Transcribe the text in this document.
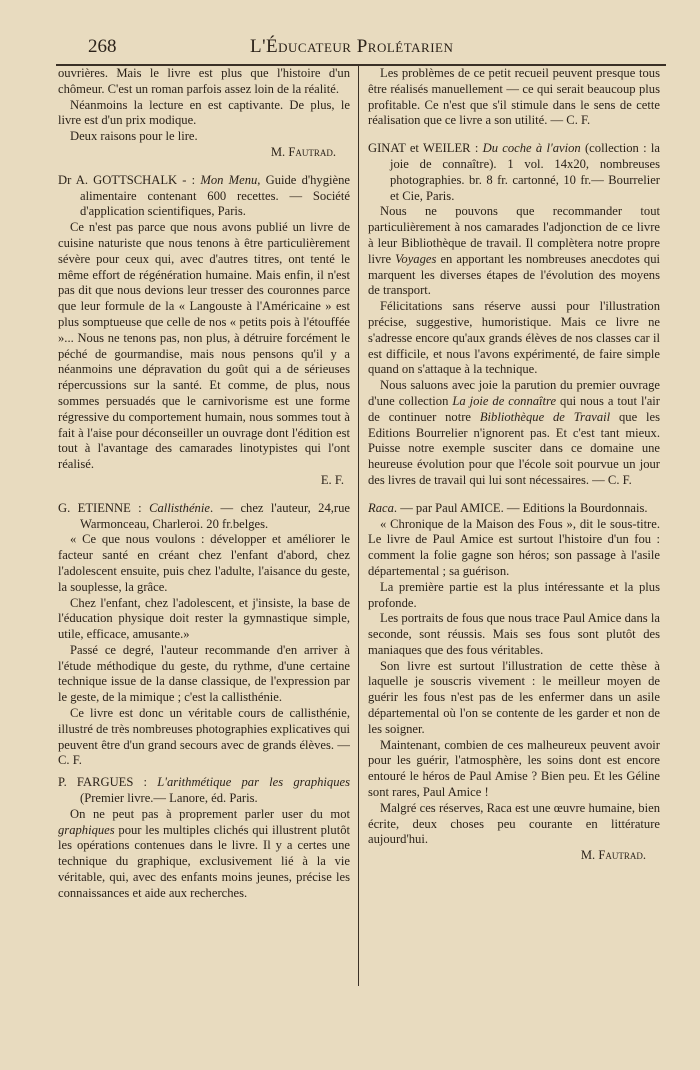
268	L'Éducateur Prolétarien

ouvrières. Mais le livre est plus que l'histoire d'un chômeur. C'est un roman parfois assez loin de la réalité.

Néanmoins la lecture en est captivante. De plus, le livre est d'un prix modique.

Deux raisons pour le lire.

M. Fautrad.

Dr A. GOTTSCHALK - : Mon Menu, Guide d'hygiène alimentaire contenant 600 recettes. — Société d'application scientifiques, Paris.

Ce n'est pas parce que nous avons publié un livre de cuisine naturiste que nous tenons à être particulièrement sévère pour ceux qui, avec d'autres titres, ont tenté le même effort de régénération humaine. Mais enfin, il n'est pas dit que nous devions leur tresser des couronnes parce que leur formule de la « Langouste à l'Américaine » est plus somptueuse que celle de nos « petits pois à l'étouffée »... Nous ne tenons pas, non plus, à détruire forcément le péché de gourmandise, mais nous pensons qu'il y a néanmoins une dépravation du goût qui a de sérieuses répercussions sur la santé. Et comme, de plus, nous sommes persuadés que le carnivorisme est une forme régressive du comportement humain, nous sommes tout à fait à l'aise pour déconseiller un ouvrage dont l'édition est tout à l'avantage des camarades linotypistes qui l'ont réalisé.

E. F.

G. ETIENNE : Callisthénie. — chez l'auteur, 24,rue Warmonceau, Charleroi. 20 fr.belges.

« Ce que nous voulons : développer et améliorer le facteur santé en créant chez l'enfant d'abord, chez l'adolescent ensuite, puis chez l'adulte, l'aisance du geste, la souplesse, la grâce.

Chez l'enfant, chez l'adolescent, et j'insiste, la base de l'éducation physique doit rester la gymnastique simple, utile, efficace, amusante.»

Passé ce degré, l'auteur recommande d'en arriver à l'étude méthodique du geste, du rythme, d'une certaine technique issue de la danse classique, de l'expression par le geste, de la mimique ; c'est la callisthénie.

Ce livre est donc un véritable cours de callisthénie, illustré de très nombreuses photographies explicatives qui peuvent être d'un grand secours avec de grands élèves. — C. F.

P. FARGUES : L'arithmétique par les graphiques (Premier livre.— Lanore, éd. Paris.

On ne peut pas à proprement parler user du mot graphiques pour les multiples clichés qui illustrent plutôt les opérations contenues dans le livre. Il y a certes une technique du graphique, exclusivement lié à la vie véritable, qui, avec des enfants moins jeunes, précise les connaissances et aide aux recherches.

Les problèmes de ce petit recueil peuvent presque tous être réalisés manuellement — ce qui serait beaucoup plus profitable. Ce n'est que s'il stimule dans le sens de cette réalisation que ce livre a son utilité. — C. F.

GINAT et WEILER : Du coche à l'avion (collection : la joie de connaître). 1 vol. 14x20, nombreuses photographies. br. 8 fr. cartonné, 10 fr.— Bourrelier et Cie, Paris.

Nous ne pouvons que recommander tout particulièrement à nos camarades l'adjonction de ce livre à leur Bibliothèque de travail. Il complètera notre propre livre Voyages en apportant les nombreuses anecdotes qui marquent les diverses étapes de l'évolution des moyens de transport.

Félicitations sans réserve aussi pour l'illustration précise, suggestive, humoristique. Mais ce livre ne s'adresse encore qu'aux grands élèves de nos classes car il est difficile, et nous l'avons expérimenté, de faire simple quand on s'attaque à la technique.

Nous saluons avec joie la parution du premier ouvrage d'une collection La joie de connaître qui nous a tout l'air de continuer notre Bibliothèque de Travail que les Editions Bourrelier n'ignorent pas. Et c'est tant mieux. Puisse notre exemple susciter dans ce domaine une heureuse évolution pour que l'école soit pourvue un jour des livres de travail qui lui sont nécessaires. — C. F.

Raca. — par Paul AMICE. — Editions la Bourdonnais.

« Chronique de la Maison des Fous », dit le sous-titre. Le livre de Paul Amice est surtout l'histoire d'un fou : comment la folie gagne son héros; son passage à l'asile départemental ; sa guérison.

La première partie est la plus intéressante et la plus profonde.

Les portraits de fous que nous trace Paul Amice dans la seconde, sont réussis. Mais ses fous sont plutôt des maniaques que des fous véritables.

Son livre est surtout l'illustration de cette thèse à laquelle je souscris vivement : le meilleur moyen de guérir les fous n'est pas de les enfermer dans un asile départemental où l'on se contente de les garder et non de les soigner.

Maintenant, combien de ces malheureux peuvent avoir pour les guérir, l'atmosphère, les soins dont est encore entouré le héros de Paul Amise ? Bien peu. Et les Géline sont rares, Paul Amice !

Malgré ces réserves, Raca est une œuvre humaine, bien écrite, deux choses peu courante en littérature aujourd'hui.

M. Fautrad.
